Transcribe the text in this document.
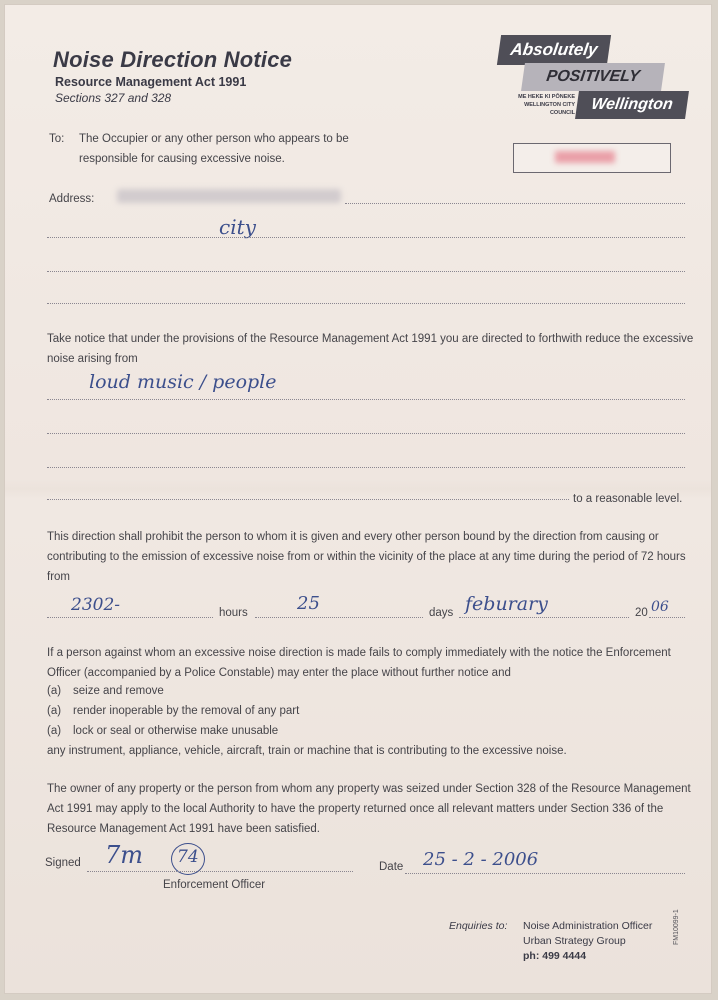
Noise Direction Notice
Resource Management Act 1991
Sections 327 and 328
Absolutely
POSITIVELY
Wellington
ME HEKE KI PŌNEKE
WELLINGTON CITY COUNCIL
To: The Occupier or any other person who appears to be
responsible for causing excessive noise.
Address:
city
Take notice that under the provisions of the Resource Management Act 1991 you are directed to forthwith reduce the excessive
noise arising from
loud music / people
to a reasonable level.
This direction shall prohibit the person to whom it is given and every other person bound by the direction from causing or
contributing to the emission of excessive noise from or within the vicinity of the place at any time during the period of 72 hours
from
2302-	hours	25	days feburary	20 06
If a person against whom an excessive noise direction is made fails to comply immediately with the notice the Enforcement
Officer (accompanied by a Police Constable) may enter the place without further notice and
(a) seize and remove
(a) render inoperable by the removal of any part
(a) lock or seal or otherwise make unusable
any instrument, appliance, vehicle, aircraft, train or machine that is contributing to the excessive noise.
The owner of any property or the person from whom any property was seized under Section 328 of the Resource Management
Act 1991 may apply to the local Authority to have the property returned once all relevant matters under Section 336 of the
Resource Management Act 1991 have been satisfied.
Signed 7m 74
Enforcement Officer
Date 25 - 2 - 2006
Enquiries to: Noise Administration Officer
Urban Strategy Group
ph: 499 4444
FM10099-1
